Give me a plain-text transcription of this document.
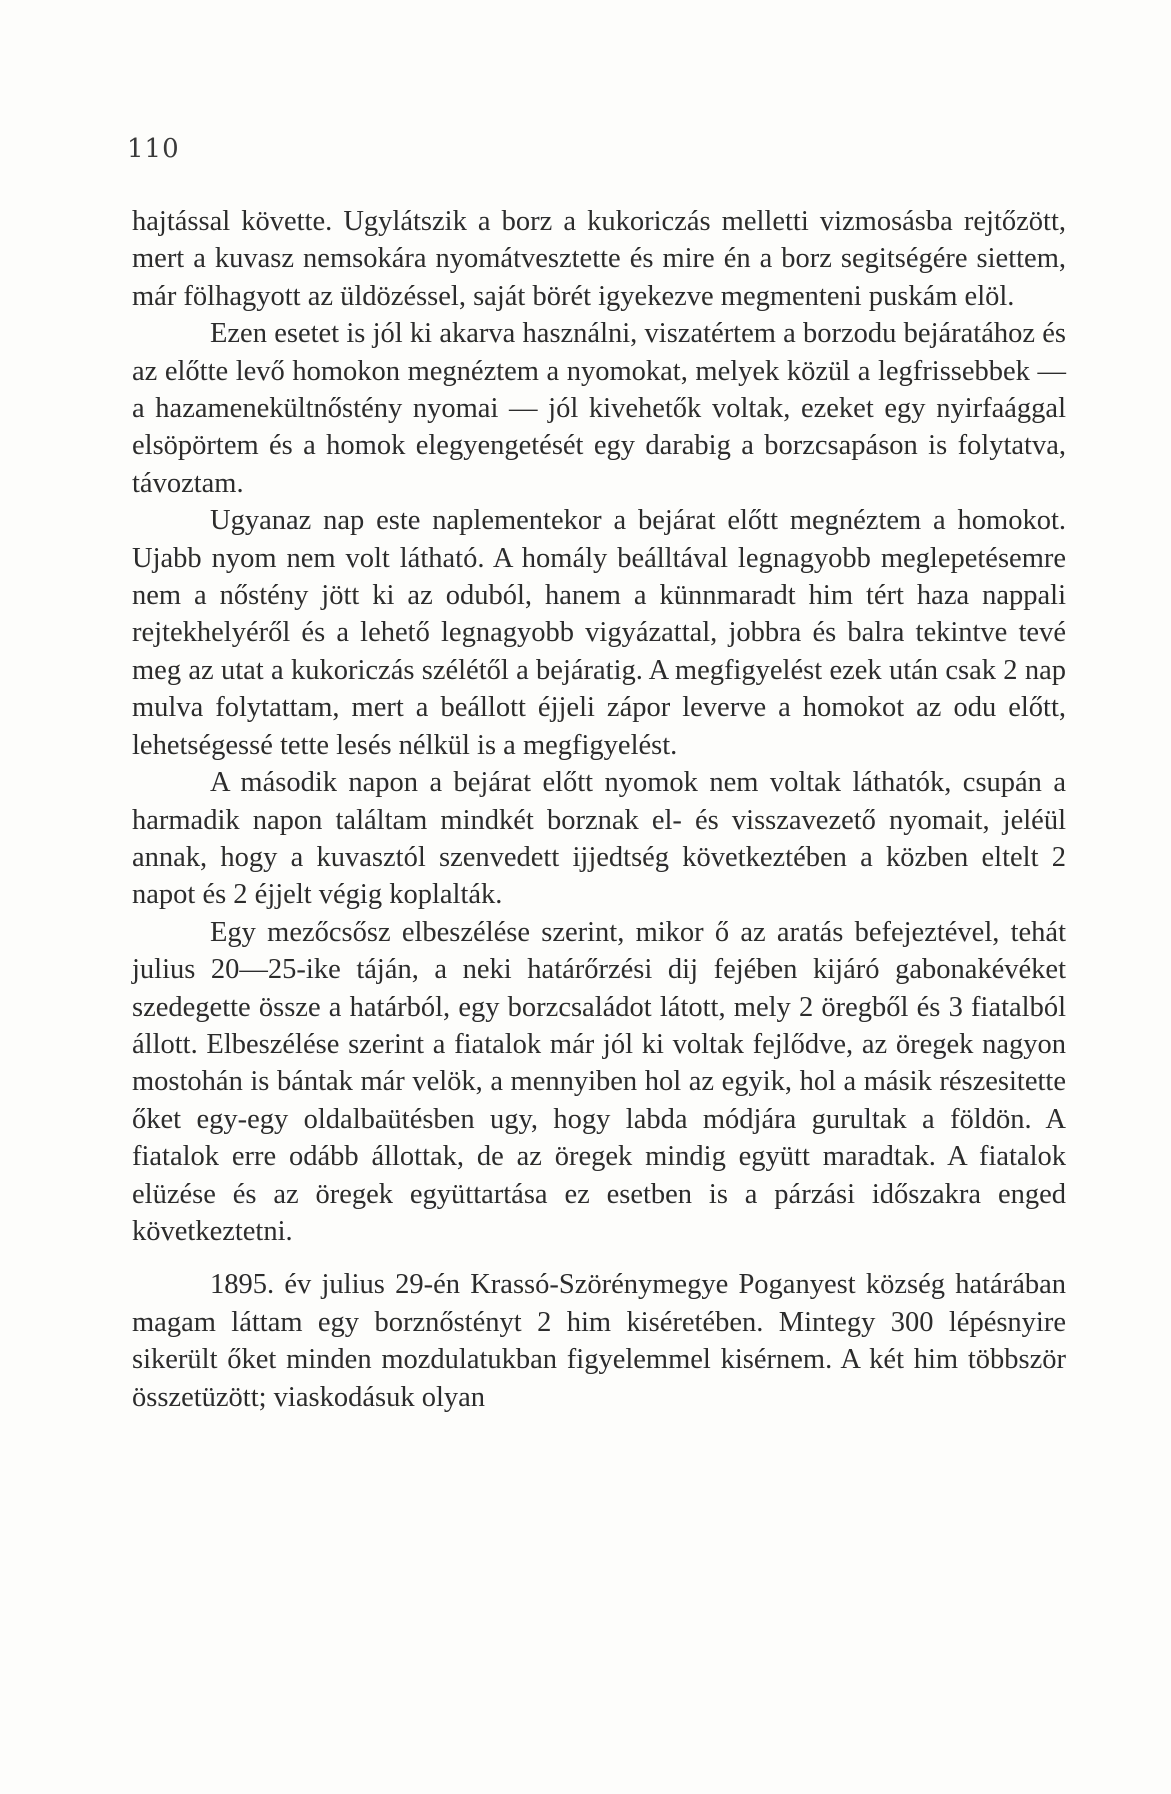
110

hajtással követte. Ugylátszik a borz a kukoriczás melletti vizmosásba rejtőzött, mert a kuvasz nemsokára nyomátvesztette és mire én a borz segitségére siettem, már fölhagyott az üldözéssel, saját börét igyekezve megmenteni puskám elöl.

Ezen esetet is jól ki akarva használni, viszatértem a borzodu bejáratához és az előtte levő homokon megnéztem a nyomokat, melyek közül a legfrissebbek — a hazamenekültnőstény nyomai — jól kivehetők voltak, ezeket egy nyirfaággal elsöpörtem és a homok elegyengetését egy darabig a borzcsapáson is folytatva, távoztam.

Ugyanaz nap este naplementekor a bejárat előtt megnéztem a homokot. Ujabb nyom nem volt látható. A homály beálltával legnagyobb meglepetésemre nem a nőstény jött ki az oduból, hanem a künnmaradt him tért haza nappali rejtekhelyéről és a lehető legnagyobb vigyázattal, jobbra és balra tekintve tevé meg az utat a kukoriczás szélétől a bejáratig. A megfigyelést ezek után csak 2 nap mulva folytattam, mert a beállott éjjeli zápor leverve a homokot az odu előtt, lehetségessé tette lesés nélkül is a megfigyelést.

A második napon a bejárat előtt nyomok nem voltak láthatók, csupán a harmadik napon találtam mindkét borznak el- és visszavezető nyomait, jeléül annak, hogy a kuvasztól szenvedett ijjedtség következtében a közben eltelt 2 napot és 2 éjjelt végig koplalták.

Egy mezőcsősz elbeszélése szerint, mikor ő az aratás befejeztével, tehát julius 20—25-ike táján, a neki határőrzési dij fejében kijáró gabonakévéket szedegette össze a határból, egy borzcsaládot látott, mely 2 öregből és 3 fiatalból állott. Elbeszélése szerint a fiatalok már jól ki voltak fejlődve, az öregek nagyon mostohán is bántak már velök, a mennyiben hol az egyik, hol a másik részesitette őket egy-egy oldalbaütésben ugy, hogy labda módjára gurultak a földön. A fiatalok erre odább állottak, de az öregek mindig együtt maradtak. A fiatalok elüzése és az öregek együttartása ez esetben is a párzási időszakra enged következtetni.

1895. év julius 29-én Krassó-Szörénymegye Poganyest község határában magam láttam egy borznőstényt 2 him kiséretében. Mintegy 300 lépésnyire sikerült őket minden mozdulatukban figyelemmel kisérnem. A két him többször összetüzött; viaskodásuk olyan
